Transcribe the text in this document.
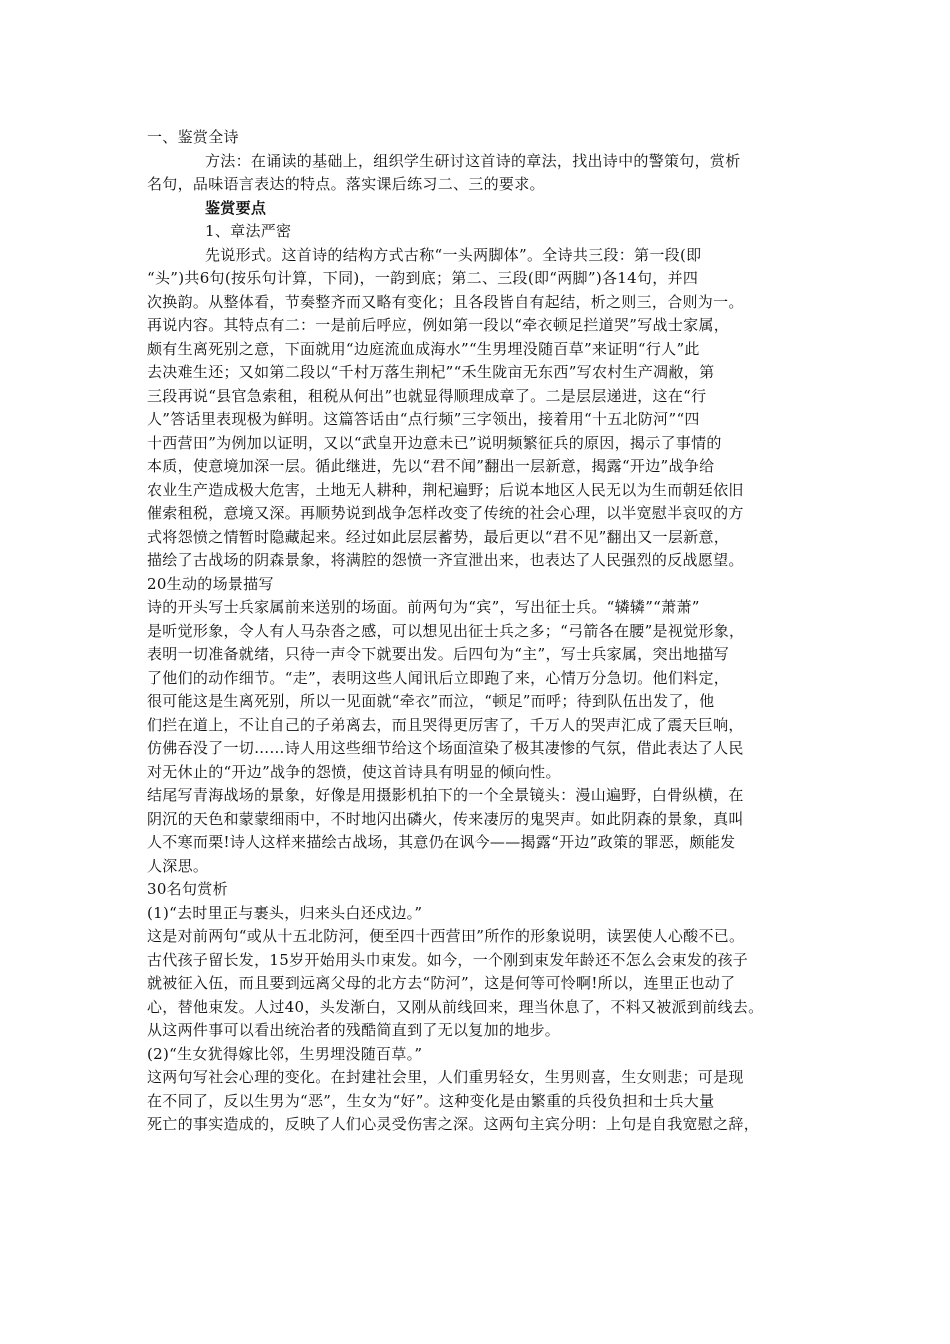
一、鉴赏全诗
方法：在诵读的基础上，组织学生研讨这首诗的章法，找出诗中的警策句，赏析
名句，品味语言表达的特点。落实课后练习二、三的要求。
鉴赏要点
1、章法严密
先说形式。这首诗的结构方式古称“一头两脚体”。全诗共三段：第一段(即
“头”)共6句(按乐句计算，下同)，一韵到底；第二、三段(即“两脚”)各14句，并四
次换韵。从整体看，节奏整齐而又略有变化；且各段皆自有起结，析之则三，合则为一。
再说内容。其特点有二：一是前后呼应，例如第一段以“牵衣顿足拦道哭”写战士家属，
颇有生离死别之意，下面就用“边庭流血成海水”“生男埋没随百草”来证明“行人”此
去决难生还；又如第二段以“千村万落生荆杞”“禾生陇亩无东西”写农村生产凋敝，第
三段再说“县官急索租，租税从何出”也就显得顺理成章了。二是层层递进，这在“行
人”答话里表现极为鲜明。这篇答话由“点行频”三字领出，接着用“十五北防河”“四
十西营田”为例加以证明，又以“武皇开边意未已”说明频繁征兵的原因，揭示了事情的
本质，使意境加深一层。循此继进，先以“君不闻”翻出一层新意，揭露“开边”战争给
农业生产造成极大危害，土地无人耕种，荆杞遍野；后说本地区人民无以为生而朝廷依旧
催索租税，意境又深。再顺势说到战争怎样改变了传统的社会心理，以半宽慰半哀叹的方
式将怨愤之情暂时隐藏起来。经过如此层层蓄势，最后更以“君不见”翻出又一层新意，
描绘了古战场的阴森景象，将满腔的怨愤一齐宣泄出来，也表达了人民强烈的反战愿望。
20生动的场景描写
诗的开头写士兵家属前来送别的场面。前两句为“宾”，写出征士兵。“辚辚”“萧萧”
是听觉形象，令人有人马杂沓之感，可以想见出征士兵之多；“弓箭各在腰”是视觉形象，
表明一切准备就绪，只待一声令下就要出发。后四句为“主”，写士兵家属，突出地描写
了他们的动作细节。“走”，表明这些人闻讯后立即跑了来，心情万分急切。他们料定，
很可能这是生离死别，所以一见面就“牵衣”而泣，“顿足”而呼；待到队伍出发了，他
们拦在道上，不让自己的子弟离去，而且哭得更厉害了，千万人的哭声汇成了震天巨响，
仿佛吞没了一切……诗人用这些细节给这个场面渲染了极其凄惨的气氛，借此表达了人民
对无休止的“开边”战争的怨愤，使这首诗具有明显的倾向性。
结尾写青海战场的景象，好像是用摄影机拍下的一个全景镜头：漫山遍野，白骨纵横，在
阴沉的天色和蒙蒙细雨中，不时地闪出磷火，传来凄厉的鬼哭声。如此阴森的景象，真叫
人不寒而栗!诗人这样来描绘古战场，其意仍在讽今——揭露“开边”政策的罪恶，颇能发
人深思。
30名句赏析
(1)“去时里正与裹头，归来头白还戍边。”
这是对前两句“或从十五北防河，便至四十西营田”所作的形象说明，读罢使人心酸不已。
古代孩子留长发，15岁开始用头巾束发。如今，一个刚到束发年龄还不怎么会束发的孩子
就被征入伍，而且要到远离父母的北方去“防河”，这是何等可怜啊!所以，连里正也动了
心，替他束发。人过40，头发渐白，又刚从前线回来，理当休息了，不料又被派到前线去。
从这两件事可以看出统治者的残酷简直到了无以复加的地步。
(2)“生女犹得嫁比邻，生男埋没随百草。”
这两句写社会心理的变化。在封建社会里，人们重男轻女，生男则喜，生女则悲；可是现
在不同了，反以生男为“恶”，生女为“好”。这种变化是由繁重的兵役负担和士兵大量
死亡的事实造成的，反映了人们心灵受伤害之深。这两句主宾分明：上句是自我宽慰之辞，
